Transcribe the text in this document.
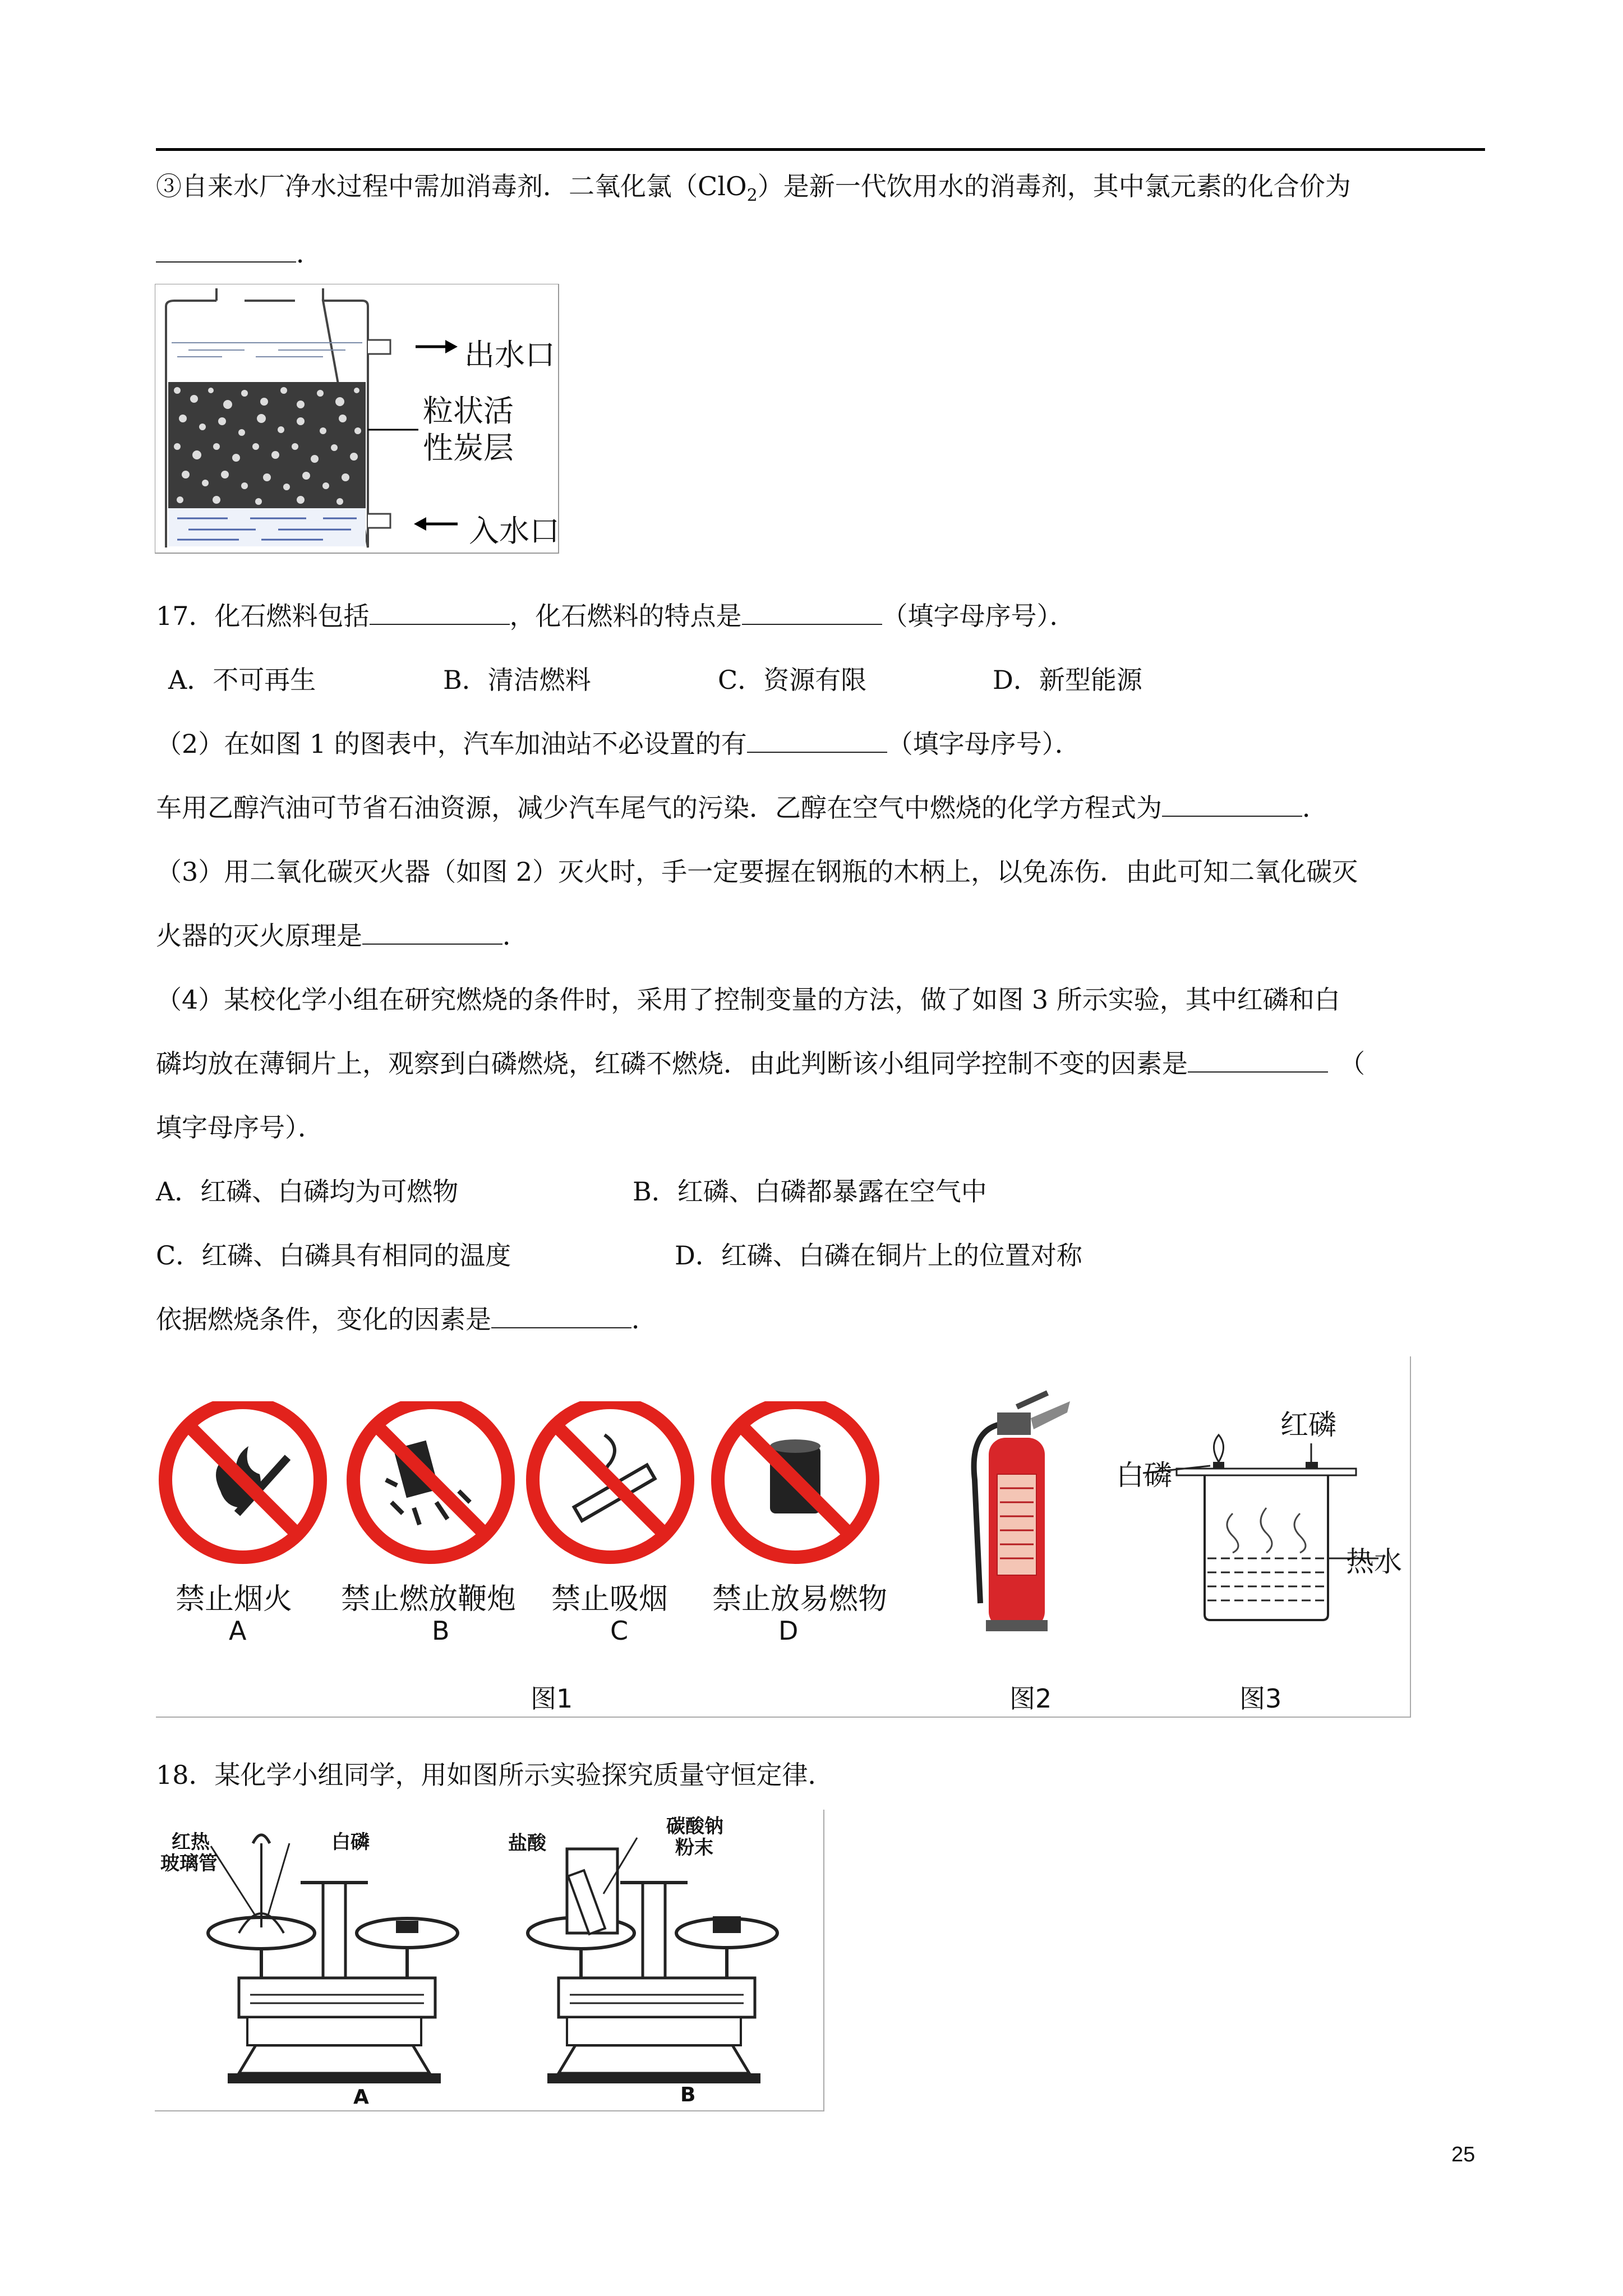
③自来水厂净水过程中需加消毒剂．二氧化氯（ClO$_2$）是新一代饮用水的消毒剂，其中氯元素的化合价为
．
出水口
粒状活
性炭层
入水口
17．化石燃料包括	，化石燃料的特点是	（填字母序号）．
A．不可再生	B．清洁燃料	C．资源有限	D．新型能源
（2）在如图 1 的图表中，汽车加油站不必设置的有	（填字母序号）．
车用乙醇汽油可节省石油资源，减少汽车尾气的污染．乙醇在空气中燃烧的化学方程式为	．
（3）用二氧化碳灭火器（如图 2）灭火时，手一定要握在钢瓶的木柄上，以免冻伤．由此可知二氧化碳灭
火器的灭火原理是	．
（4）某校化学小组在研究燃烧的条件时，采用了控制变量的方法，做了如图 3 所示实验，其中红磷和白
磷均放在薄铜片上，观察到白磷燃烧，红磷不燃烧．由此判断该小组同学控制不变的因素是	（
填字母序号）．
A．红磷、白磷均为可燃物	B．红磷、白磷都暴露在空气中
C．红磷、白磷具有相同的温度	D．红磷、白磷在铜片上的位置对称
依据燃烧条件，变化的因素是	．
禁止烟火 禁止燃放鞭炮 禁止吸烟 禁止放易燃物
A	B	C	D
图1	图2
红磷
白磷
热水
图3
18．某化学小组同学，用如图所示实验探究质量守恒定律．
红热
玻璃管
白磷	盐酸
碳酸钠
粉末
A	B
25
